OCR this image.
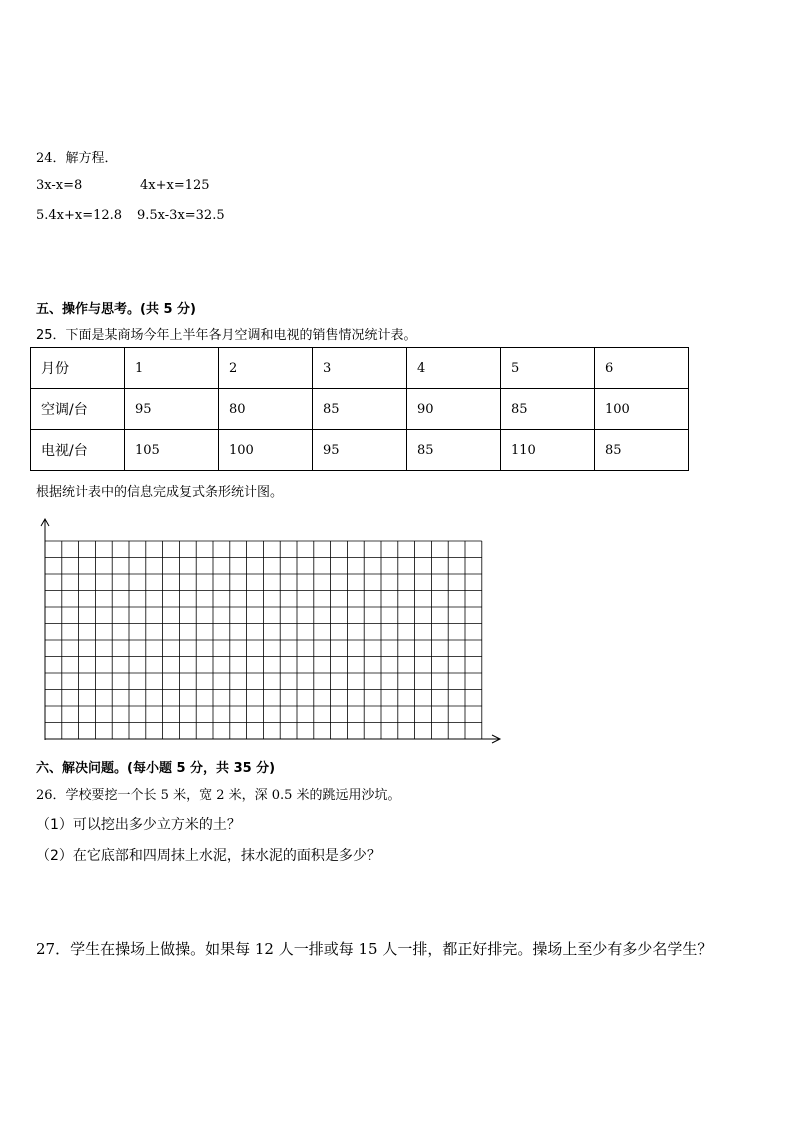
24．解方程．
3x-x=8	4x+x=125
5.4x+x=12.8 9.5x-3x=32.5
五、操作与思考。(共 5 分)
25．下面是某商场今年上半年各月空调和电视的销售情况统计表。
月份	1	2	3	4	5	6
空调/台	95	80	85	90	85	100
电视/台	105	100	95	85	110	85
根据统计表中的信息完成复式条形统计图。
六、解决问题。(每小题 5 分，共 35 分)
26．学校要挖一个长 5 米，宽 2 米，深 0.5 米的跳远用沙坑。
（1）可以挖出多少立方米的土？
（2）在它底部和四周抹上水泥，抹水泥的面积是多少？
27．学生在操场上做操。如果每 12 人一排或每 15 人一排，都正好排完。操场上至少有多少名学生？
